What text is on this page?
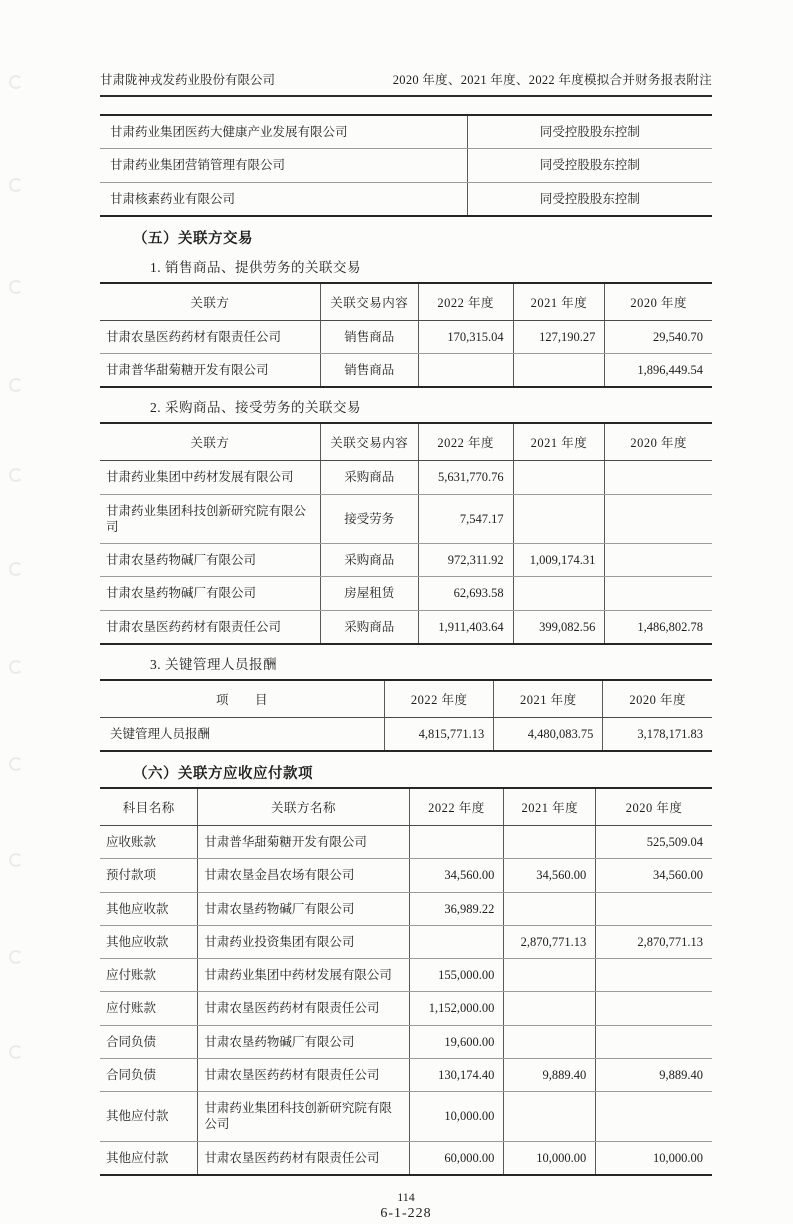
甘肃陇神戎发药业股份有限公司	2020 年度、2021 年度、2022 年度模拟合并财务报表附注
甘肃药业集团医药大健康产业发展有限公司	同受控股股东控制
甘肃药业集团营销管理有限公司	同受控股股东控制
甘肃核素药业有限公司	同受控股股东控制
（五）关联方交易
1. 销售商品、提供劳务的关联交易
关联方	关联交易内容	2022 年度	2021 年度	2020 年度
甘肃农垦医药药材有限责任公司	销售商品	170,315.04	127,190.27	29,540.70
甘肃普华甜菊糖开发有限公司	销售商品			1,896,449.54
2. 采购商品、接受劳务的关联交易
关联方	关联交易内容	2022 年度	2021 年度	2020 年度
甘肃药业集团中药材发展有限公司	采购商品	5,631,770.76		
甘肃药业集团科技创新研究院有限公司	接受劳务	7,547.17		
甘肃农垦药物碱厂有限公司	采购商品	972,311.92	1,009,174.31	
甘肃农垦药物碱厂有限公司	房屋租赁	62,693.58		
甘肃农垦医药药材有限责任公司	采购商品	1,911,403.64	399,082.56	1,486,802.78
3. 关键管理人员报酬
项　　目	2022 年度	2021 年度	2020 年度
关键管理人员报酬	4,815,771.13	4,480,083.75	3,178,171.83
（六）关联方应收应付款项
科目名称	关联方名称	2022 年度	2021 年度	2020 年度
应收账款	甘肃普华甜菊糖开发有限公司			525,509.04
预付款项	甘肃农垦金昌农场有限公司	34,560.00	34,560.00	34,560.00
其他应收款	甘肃农垦药物碱厂有限公司	36,989.22		
其他应收款	甘肃药业投资集团有限公司		2,870,771.13	2,870,771.13
应付账款	甘肃药业集团中药材发展有限公司	155,000.00		
应付账款	甘肃农垦医药药材有限责任公司	1,152,000.00		
合同负债	甘肃农垦药物碱厂有限公司	19,600.00		
合同负债	甘肃农垦医药药材有限责任公司	130,174.40	9,889.40	9,889.40
其他应付款	甘肃药业集团科技创新研究院有限公司	10,000.00		
其他应付款	甘肃农垦医药药材有限责任公司	60,000.00	10,000.00	10,000.00
114
6-1-228
